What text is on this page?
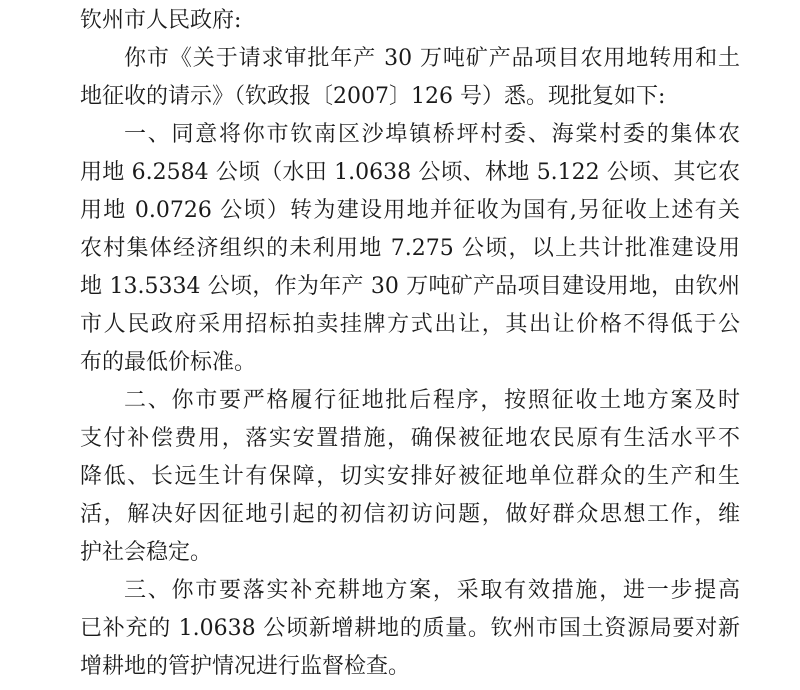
钦州市人民政府:
你市《关于请求审批年产 30 万吨矿产品项目农用地转用和土
地征收的请示》（钦政报〔2007〕126 号）悉。现批复如下:
一、同意将你市钦南区沙埠镇桥坪村委、海棠村委的集体农
用地 6.2584 公顷（水田 1.0638 公顷、林地 5.122 公顷、其它农
用地 0.0726 公顷）转为建设用地并征收为国有,另征收上述有关
农村集体经济组织的未利用地 7.275 公顷，以上共计批准建设用
地 13.5334 公顷，作为年产 30 万吨矿产品项目建设用地，由钦州
市人民政府采用招标拍卖挂牌方式出让，其出让价格不得低于公
布的最低价标准。
二、你市要严格履行征地批后程序，按照征收土地方案及时
支付补偿费用，落实安置措施，确保被征地农民原有生活水平不
降低、长远生计有保障，切实安排好被征地单位群众的生产和生
活，解决好因征地引起的初信初访问题，做好群众思想工作，维
护社会稳定。
三、你市要落实补充耕地方案，采取有效措施，进一步提高
已补充的 1.0638 公顷新增耕地的质量。钦州市国土资源局要对新
增耕地的管护情况进行监督检查。
